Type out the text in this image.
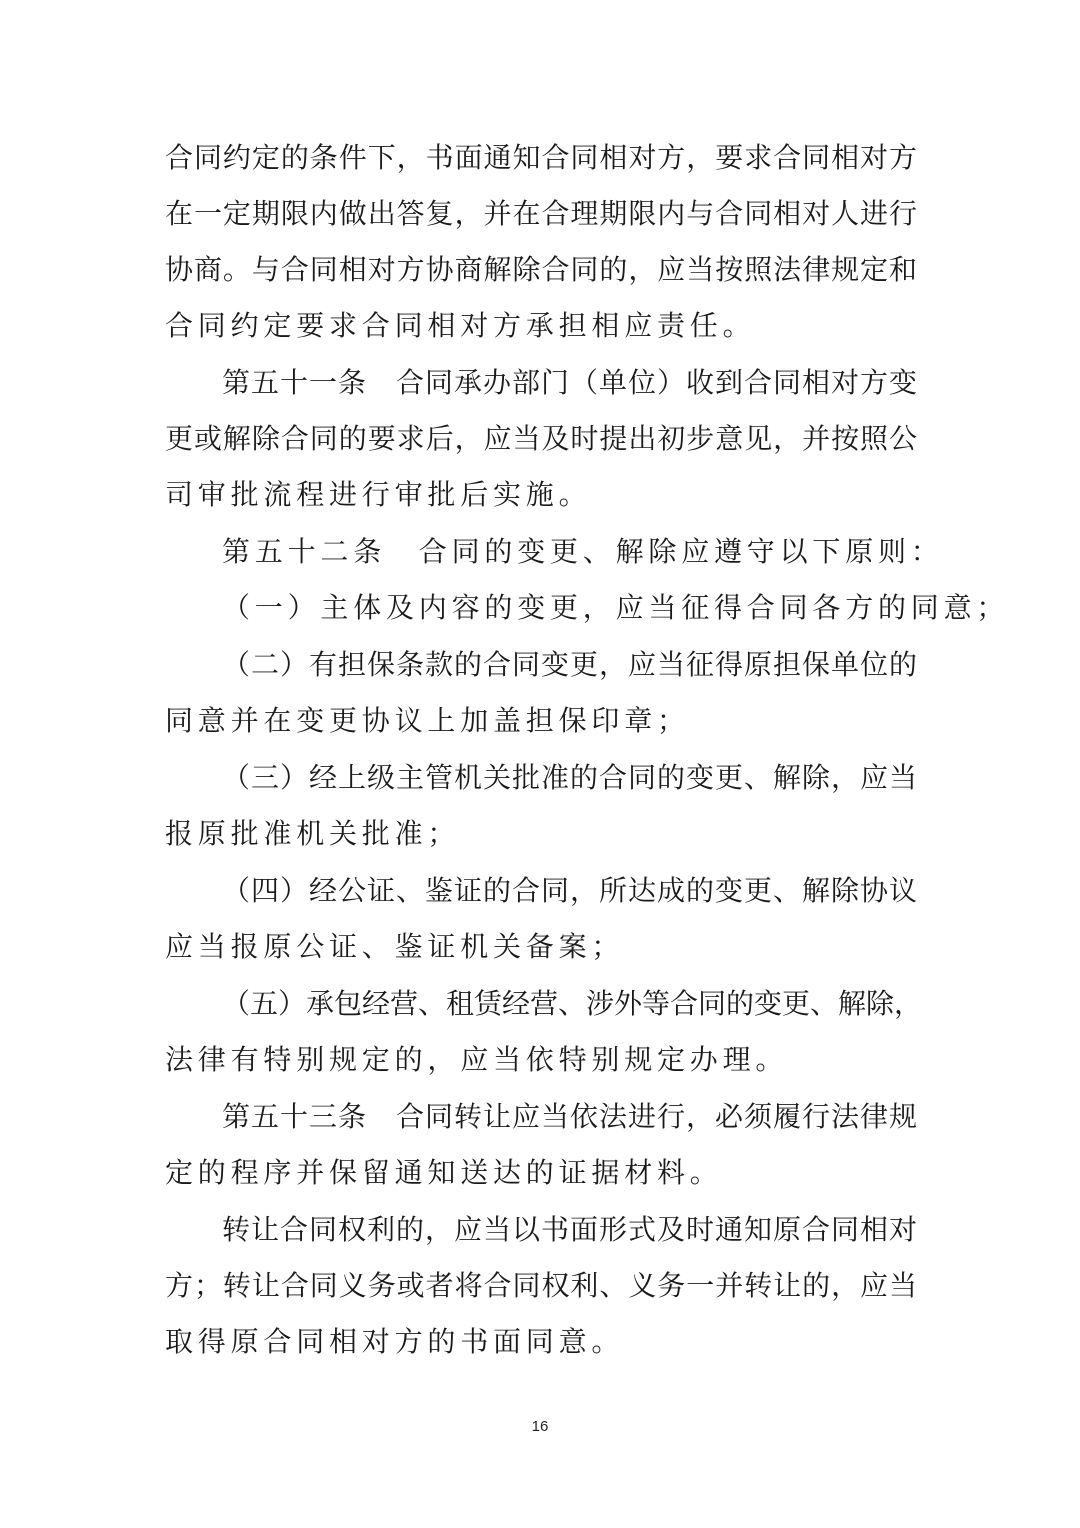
合同约定的条件下，书面通知合同相对方，要求合同相对方
在一定期限内做出答复，并在合理期限内与合同相对人进行
协商。与合同相对方协商解除合同的，应当按照法律规定和
合同约定要求合同相对方承担相应责任。
第五十一条　合同承办部门（单位）收到合同相对方变
更或解除合同的要求后，应当及时提出初步意见，并按照公
司审批流程进行审批后实施。
第五十二条　合同的变更、解除应遵守以下原则：
（一）主体及内容的变更，应当征得合同各方的同意；
（二）有担保条款的合同变更，应当征得原担保单位的
同意并在变更协议上加盖担保印章；
（三）经上级主管机关批准的合同的变更、解除，应当
报原批准机关批准；
（四）经公证、鉴证的合同，所达成的变更、解除协议
应当报原公证、鉴证机关备案；
（五）承包经营、租赁经营、涉外等合同的变更、解除，
法律有特别规定的，应当依特别规定办理。
第五十三条　合同转让应当依法进行，必须履行法律规
定的程序并保留通知送达的证据材料。
转让合同权利的，应当以书面形式及时通知原合同相对
方；转让合同义务或者将合同权利、义务一并转让的，应当
取得原合同相对方的书面同意。
16
